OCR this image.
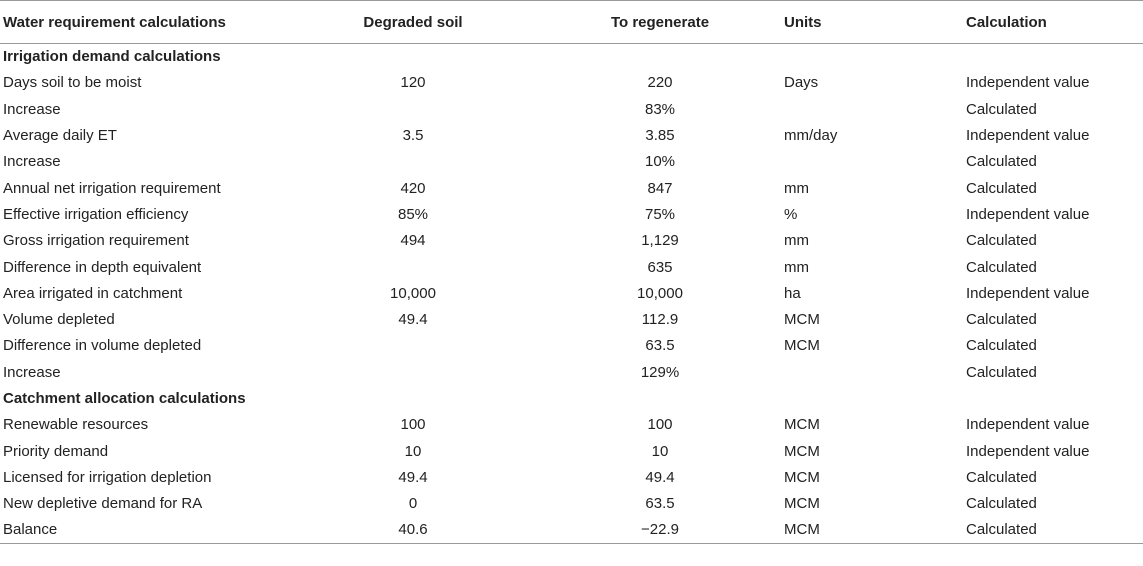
Water requirement calculations	Degraded soil	To regenerate	Units	Calculation
Irrigation demand calculations				
Days soil to be moist	120	220	Days	Independent value
Increase		83%		Calculated
Average daily ET	3.5	3.85	mm/day	Independent value
Increase		10%		Calculated
Annual net irrigation requirement	420	847	mm	Calculated
Effective irrigation efficiency	85%	75%	%	Independent value
Gross irrigation requirement	494	1,129	mm	Calculated
Difference in depth equivalent		635	mm	Calculated
Area irrigated in catchment	10,000	10,000	ha	Independent value
Volume depleted	49.4	112.9	MCM	Calculated
Difference in volume depleted		63.5	MCM	Calculated
Increase		129%		Calculated
Catchment allocation calculations				
Renewable resources	100	100	MCM	Independent value
Priority demand	10	10	MCM	Independent value
Licensed for irrigation depletion	49.4	49.4	MCM	Calculated
New depletive demand for RA	0	63.5	MCM	Calculated
Balance	40.6	−22.9	MCM	Calculated
